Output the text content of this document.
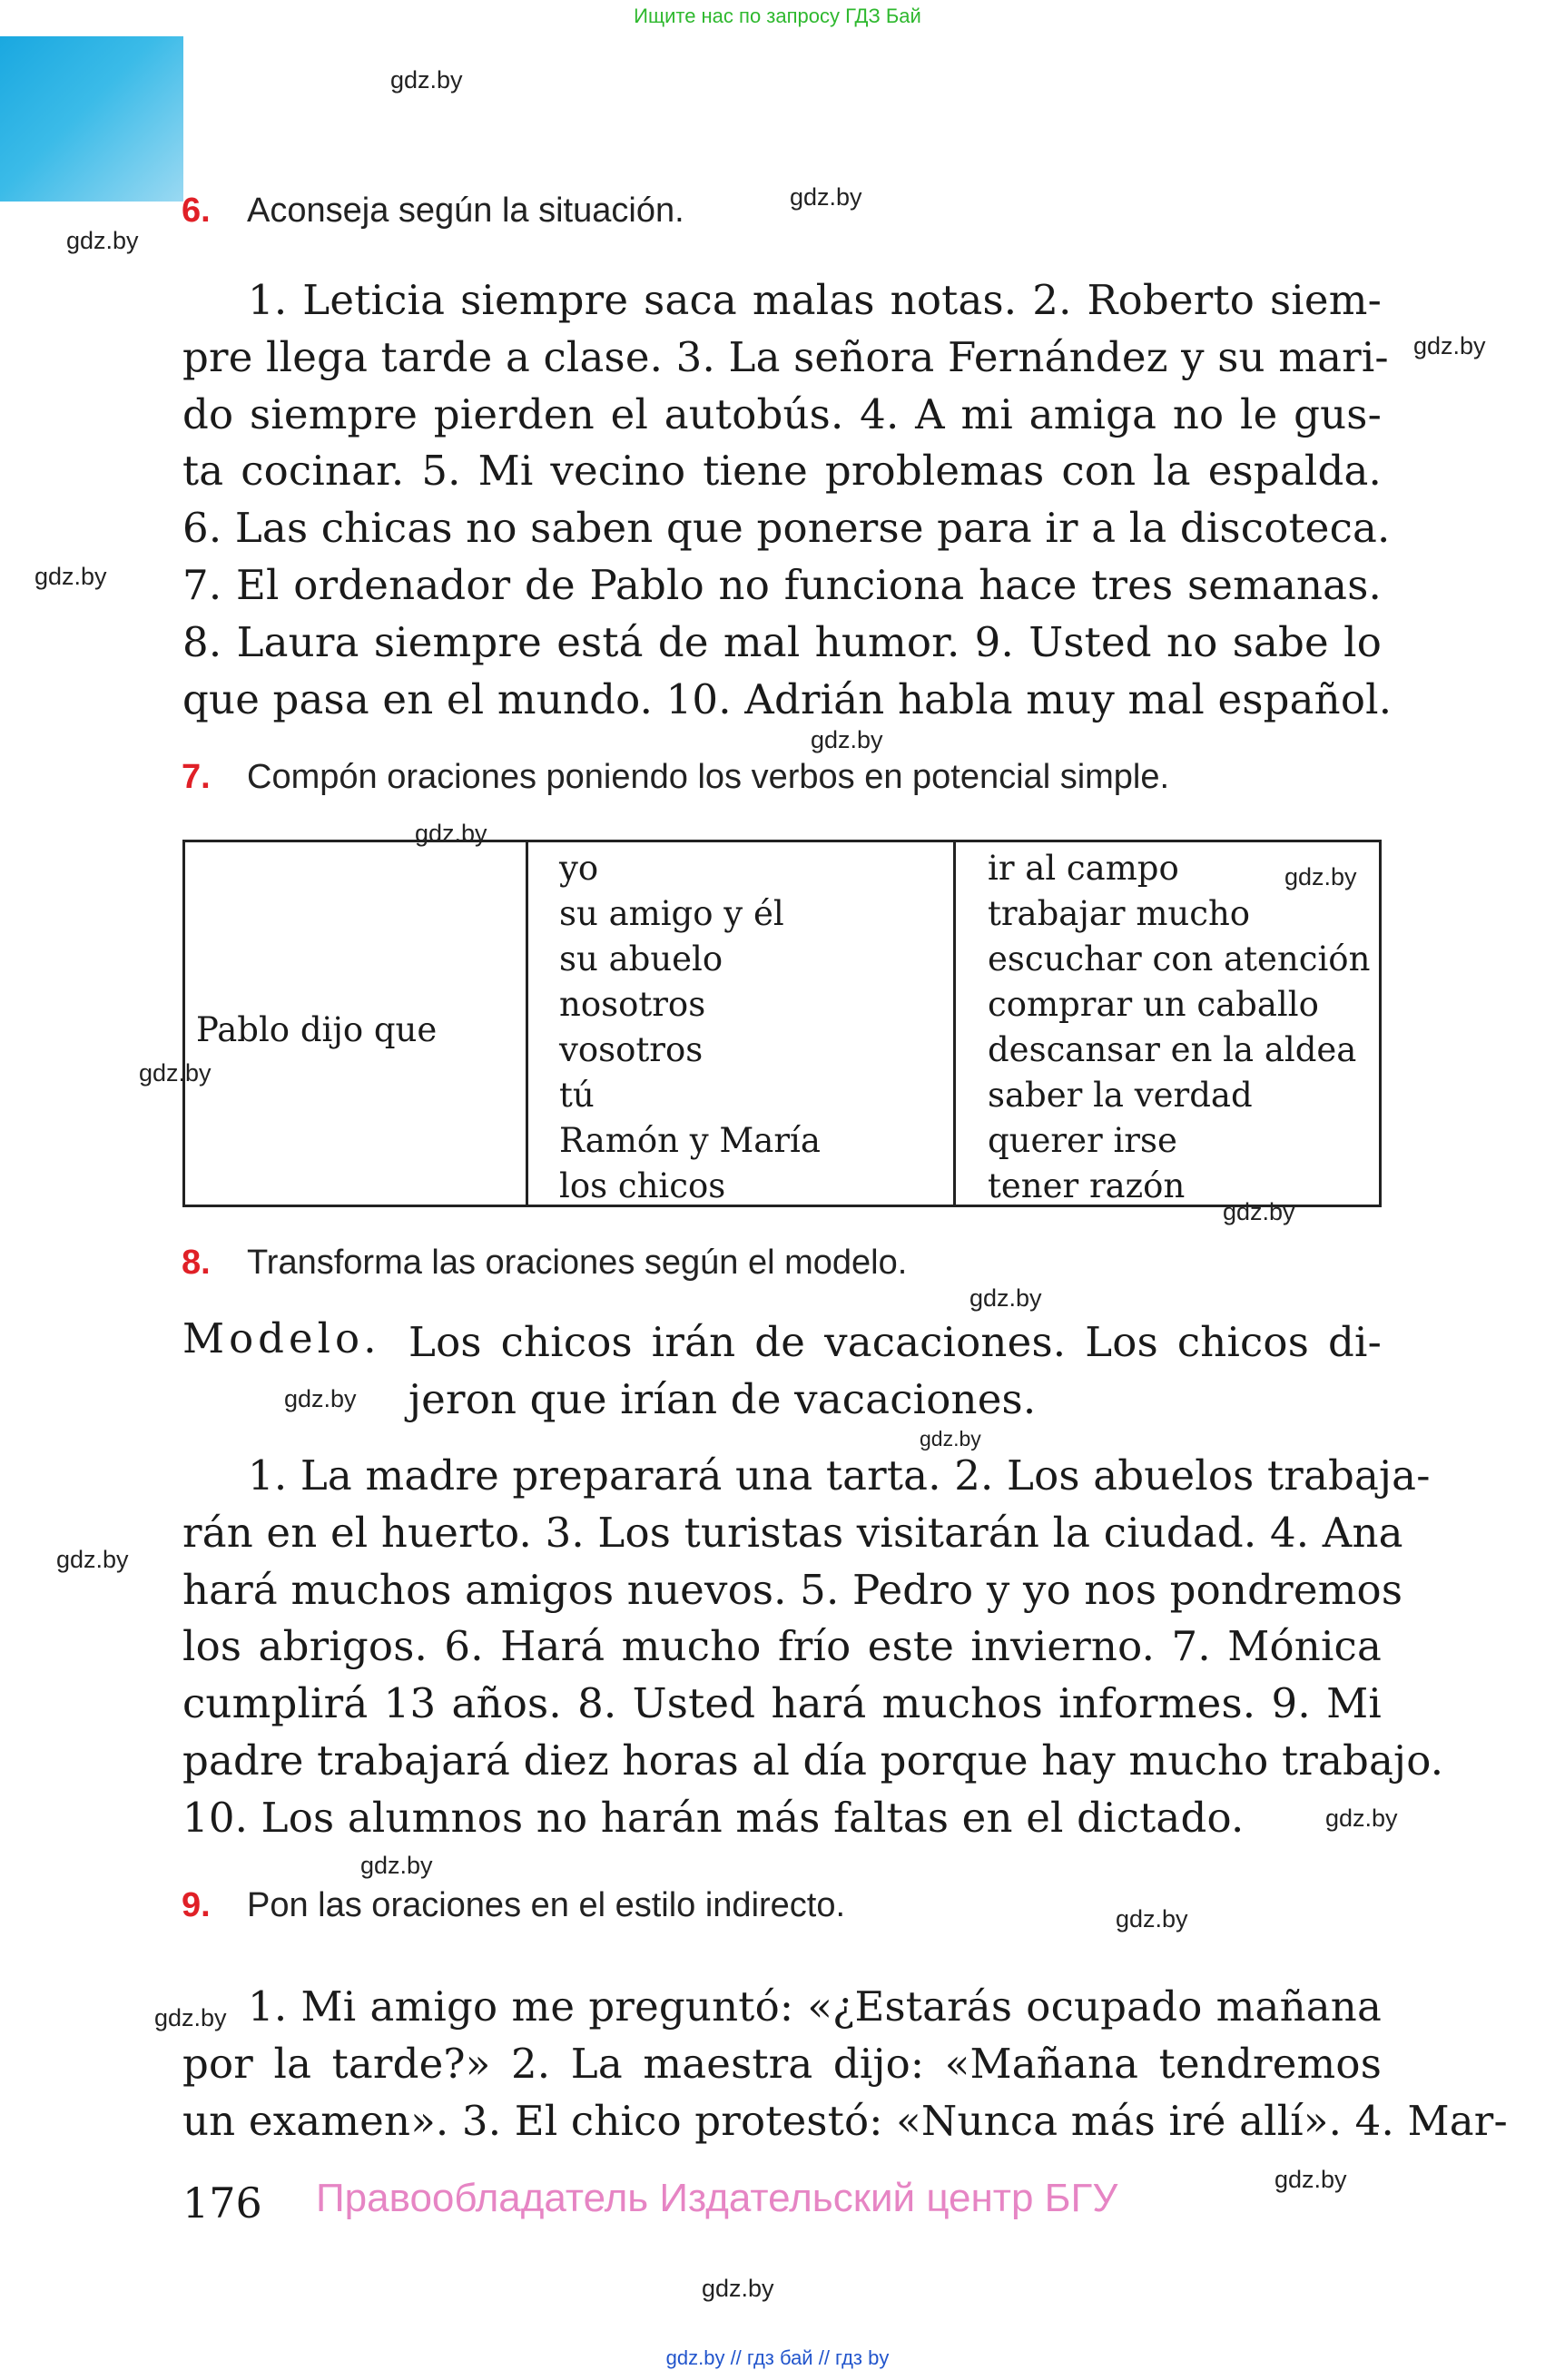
Ищите нас по запросу ГДЗ Бай
gdz.by
gdz.by
gdz.by
gdz.by
gdz.by
gdz.by
gdz.by
gdz.by
gdz.by
gdz.by
gdz.by
gdz.by
gdz.by
gdz.by
gdz.by
gdz.by
gdz.by
gdz.by
gdz.by
gdz.by
6. Aconseja según la situación.
1. Leticia siempre saca malas notas. 2. Roberto siem-
pre llega tarde a clase. 3. La señora Fernández y su mari-
do siempre pierden el autobús. 4. A mi amiga no le gus-
ta cocinar. 5. Mi vecino tiene problemas con la espalda.
6. Las chicas no saben que ponerse para ir a la discoteca.
7. El ordenador de Pablo no funciona hace tres semanas.
8. Laura siempre está de mal humor. 9. Usted no sabe lo
que pasa en el mundo. 10. Adrián habla muy mal español.
7. Compón oraciones poniendo los verbos en potencial simple.
Pablo dijo que
yo
su amigo y él
su abuelo
nosotros
vosotros
tú
Ramón y María
los chicos
ir al campo
trabajar mucho
escuchar con atención
comprar un caballo
descansar en la aldea
saber la verdad
querer irse
tener razón
8. Transforma las oraciones según el modelo.
Modelo. Los chicos irán de vacaciones. Los chicos di-
jeron que irían de vacaciones.
1. La madre preparará una tarta. 2. Los abuelos trabaja-
rán en el huerto. 3. Los turistas visitarán la ciudad. 4. Ana
hará muchos amigos nuevos. 5. Pedro y yo nos pondremos
los abrigos. 6. Hará mucho frío este invierno. 7. Mónica
cumplirá 13 años. 8. Usted hará muchos informes. 9. Mi
padre trabajará diez horas al día porque hay mucho trabajo.
10. Los alumnos no harán más faltas en el dictado.
9. Pon las oraciones en el estilo indirecto.
1. Mi amigo me preguntó: «¿Estarás ocupado mañana
por la tarde?» 2. La maestra dijo: «Mañana tendremos
un examen». 3. El chico protestó: «Nunca más iré allí». 4. Mar-
176 Правообладатель Издательский центр БГУ
gdz.by // гдз бай // гдз by
